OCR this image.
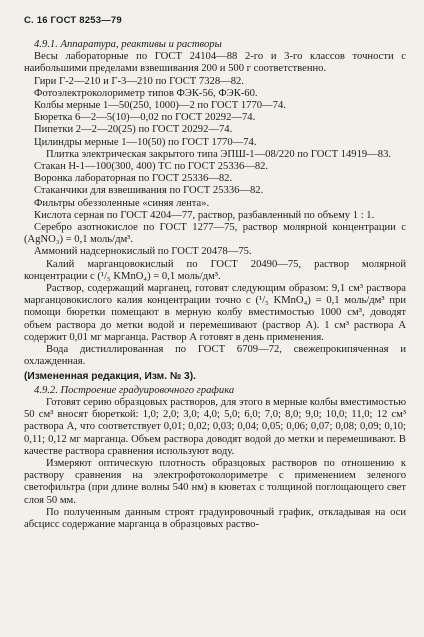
С. 16 ГОСТ 8253—79

4.9.1. Аппаратура, реактивы и растворы

Весы лабораторные по ГОСТ 24104—88 2-го и 3-го классов точности с наибольшими пределами взвешивания 200 и 500 г соответственно.

Гири Г-2—210 и Г-3—210 по ГОСТ 7328—82.

Фотоэлектроколориметр типов ФЭК-56, ФЭК-60.

Колбы мерные 1—50(250, 1000)—2 по ГОСТ 1770—74.

Бюретка 6—2—5(10)—0,02 по ГОСТ 20292—74.

Пипетки 2—2—20(25) по ГОСТ 20292—74.

Цилиндры мерные 1—10(50) по ГОСТ 1770—74.

Плитка электрическая закрытого типа ЭПШ-1—08/220 по ГОСТ 14919—83.

Стакан Н-1—100(300, 400) ТС по ГОСТ 25336—82.

Воронка лабораторная по ГОСТ 25336—82.

Стаканчики для взвешивания по ГОСТ 25336—82.

Фильтры обеззоленные «синяя лента».

Кислота серная по ГОСТ 4204—77, раствор, разбавленный по объему 1 : 1.

Серебро азотнокислое по ГОСТ 1277—75, раствор молярной концентрации с (AgNO₃) = 0,1 моль/дм³.

Аммоний надсернокислый по ГОСТ 20478—75.

Калий марганцовокислый по ГОСТ 20490—75, раствор молярной концентрации с (¹/₅ KMnO₄) = 0,1 моль/дм³.

Раствор, содержащий марганец, готовят следующим образом: 9,1 см³ раствора марганцовокислого калия концентрации точно с (¹/₅ KMnO₄) = 0,1 моль/дм³ при помощи бюретки помещают в мерную колбу вместимостью 1000 см³, доводят объем раствора до метки водой и перемешивают (раствор А). 1 см³ раствора А содержит 0,01 мг марганца. Раствор А готовят в день применения.

Вода дистиллированная по ГОСТ 6709—72, свежепрокипяченная и охлажденная.

(Измененная редакция, Изм. № 3).

4.9.2. Построение градуировочного графика

Готовят серию образцовых растворов, для этого в мерные колбы вместимостью 50 см³ вносят бюреткой: 1,0; 2,0; 3,0; 4,0; 5,0; 6,0; 7,0; 8,0; 9,0; 10,0; 11,0; 12 см³ раствора А, что соответствует 0,01; 0,02; 0,03; 0,04; 0,05; 0,06; 0,07; 0,08; 0,09; 0,10; 0,11; 0,12 мг марганца. Объем раствора доводят водой до метки и перемешивают. В качестве раствора сравнения используют воду.

Измеряют оптическую плотность образцовых растворов по отношению к раствору сравнения на электрофотоколориметре с применением зеленого светофильтра (при длине волны 540 нм) в кюветах с толщиной поглощающего свет слоя 50 мм.

По полученным данным строят градуировочный график, откладывая на оси абсцисс содержание марганца в образцовых раство-
